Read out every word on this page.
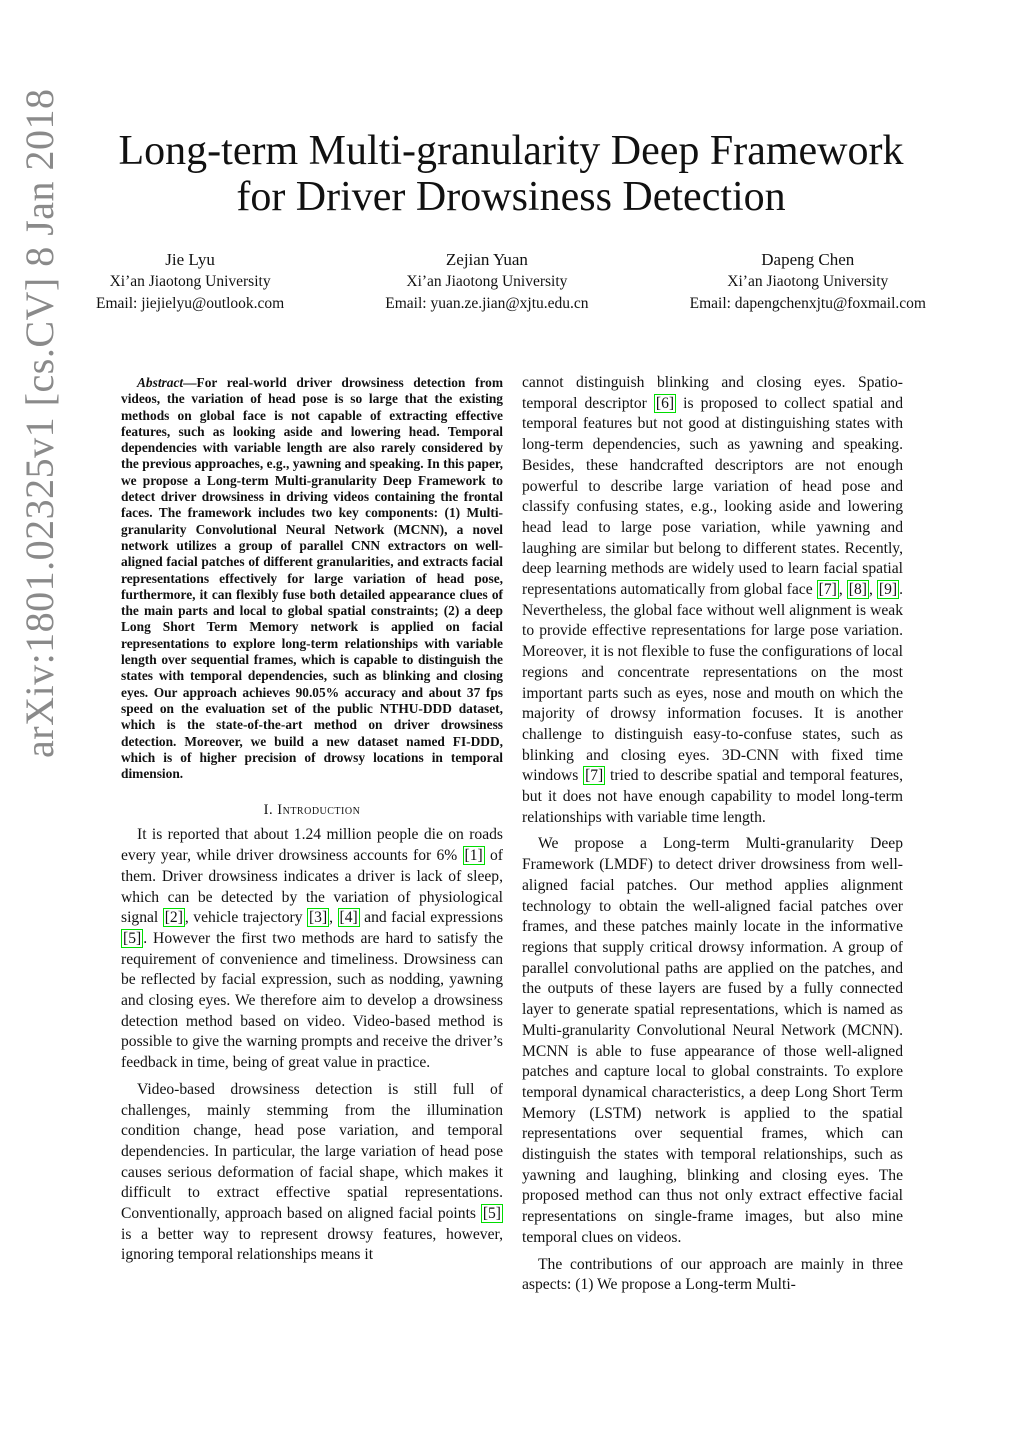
arXiv:1801.02325v1 [cs.CV] 8 Jan 2018	Long-term Multi-granularity Deep Framework
for Driver Drowsiness Detection
Jie Lyu
Xi’an Jiaotong University
Email: jiejielyu@outlook.com
Zejian Yuan
Xi’an Jiaotong University
Email: yuan.ze.jian@xjtu.edu.cn
Dapeng Chen
Xi’an Jiaotong University
Email: dapengchenxjtu@foxmail.com

Abstract—For real-world driver drowsiness detection from videos, the variation of head pose is so large that the existing methods on global face is not capable of extracting effective features, such as looking aside and lowering head. Temporal dependencies with variable length are also rarely considered by the previous approaches, e.g., yawning and speaking. In this paper, we propose a Long-term Multi-granularity Deep Framework to detect driver drowsiness in driving videos containing the frontal faces. The framework includes two key components: (1) Multi-granularity Convolutional Neural Network (MCNN), a novel network utilizes a group of parallel CNN extractors on well-aligned facial patches of different granularities, and extracts facial representations effectively for large variation of head pose, furthermore, it can flexibly fuse both detailed appearance clues of the main parts and local to global spatial constraints; (2) a deep Long Short Term Memory network is applied on facial representations to explore long-term relationships with variable length over sequential frames, which is capable to distinguish the states with temporal dependencies, such as blinking and closing eyes. Our approach achieves 90.05% accuracy and about 37 fps speed on the evaluation set of the public NTHU-DDD dataset, which is the state-of-the-art method on driver drowsiness detection. Moreover, we build a new dataset named FI-DDD, which is of higher precision of drowsy locations in temporal dimension.

I. Introduction

It is reported that about 1.24 million people die on roads every year, while driver drowsiness accounts for 6% [1] of them. Driver drowsiness indicates a driver is lack of sleep, which can be detected by the variation of physiological signal [2] , vehicle trajectory [3] , [4] and facial expressions [5] . However the first two methods are hard to satisfy the requirement of convenience and timeliness. Drowsiness can be reflected by facial expression, such as nodding, yawning and closing eyes. We therefore aim to develop a drowsiness detection method based on video. Video-based method is possible to give the warning prompts and receive the driver’s feedback in time, being of great value in practice.

Video-based drowsiness detection is still full of challenges, mainly stemming from the illumination condition change, head pose variation, and temporal dependencies. In particular, the large variation of head pose causes serious deformation of facial shape, which makes it difficult to extract effective spatial representations. Conventionally, approach based on aligned facial points [5] is a better way to represent drowsy features, however, ignoring temporal relationships means it

cannot distinguish blinking and closing eyes. Spatio-temporal descriptor [6] is proposed to collect spatial and temporal features but not good at distinguishing states with long-term dependencies, such as yawning and speaking. Besides, these handcrafted descriptors are not enough powerful to describe large variation of head pose and classify confusing states, e.g., looking aside and lowering head lead to large pose variation, while yawning and laughing are similar but belong to different states. Recently, deep learning methods are widely used to learn facial spatial representations automatically from global face [7] , [8] , [9] . Nevertheless, the global face without well alignment is weak to provide effective representations for large pose variation. Moreover, it is not flexible to fuse the configurations of local regions and concentrate representations on the most important parts such as eyes, nose and mouth on which the majority of drowsy information focuses. It is another challenge to distinguish easy-to-confuse states, such as blinking and closing eyes. 3D-CNN with fixed time windows [7] tried to describe spatial and temporal features, but it does not have enough capability to model long-term relationships with variable time length.

We propose a Long-term Multi-granularity Deep Framework (LMDF) to detect driver drowsiness from well-aligned facial patches. Our method applies alignment technology to obtain the well-aligned facial patches over frames, and these patches mainly locate in the informative regions that supply critical drowsy information. A group of parallel convolutional paths are applied on the patches, and the outputs of these layers are fused by a fully connected layer to generate spatial representations, which is named as Multi-granularity Convolutional Neural Network (MCNN). MCNN is able to fuse appearance of those well-aligned patches and capture local to global constraints. To explore temporal dynamical characteristics, a deep Long Short Term Memory (LSTM) network is applied to the spatial representations over sequential frames, which can distinguish the states with temporal relationships, such as yawning and laughing, blinking and closing eyes. The proposed method can thus not only extract effective facial representations on single-frame images, but also mine temporal clues on videos.

The contributions of our approach are mainly in three aspects: (1) We propose a Long-term Multi-
